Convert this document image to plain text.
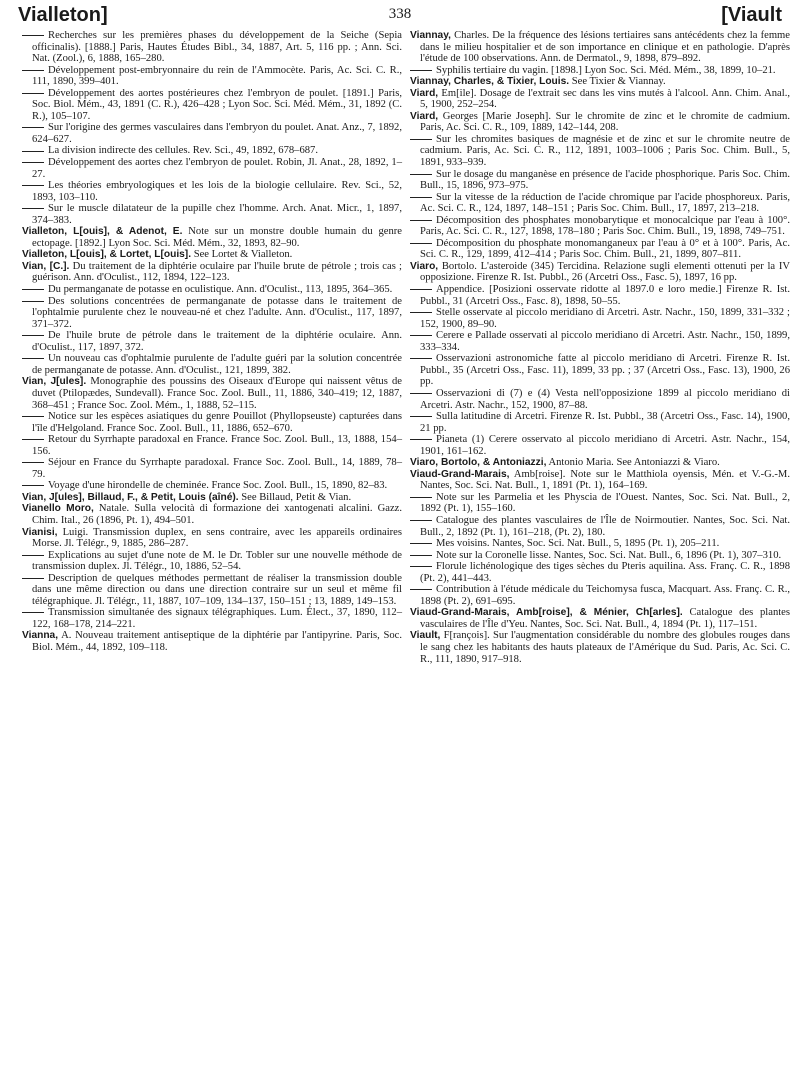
Vialleton]	338	[Viault

Recherches sur les premières phases du développement de la Seiche (Sepia officinalis). [1888.] Paris, Hautes Études Bibl., 34, 1887, Art. 5, 116 pp. ; Ann. Sci. Nat. (Zool.), 6, 1888, 165–280.

Développement post-embryonnaire du rein de l'Ammocète. Paris, Ac. Sci. C. R., 111, 1890, 399–401.

Développement des aortes postérieures chez l'embryon de poulet. [1891.] Paris, Soc. Biol. Mém., 43, 1891 (C. R.), 426–428 ; Lyon Soc. Sci. Méd. Mém., 31, 1892 (C. R.), 105–107.

Sur l'origine des germes vasculaires dans l'embryon du poulet. Anat. Anz., 7, 1892, 624–627.

La division indirecte des cellules. Rev. Sci., 49, 1892, 678–687.

Développement des aortes chez l'embryon de poulet. Robin, Jl. Anat., 28, 1892, 1–27.

Les théories embryologiques et les lois de la biologie cellulaire. Rev. Sci., 52, 1893, 103–110.

Sur le muscle dilatateur de la pupille chez l'homme. Arch. Anat. Micr., 1, 1897, 374–383.

Vialleton, L[ouis], & Adenot, E. Note sur un monstre double humain du genre ectopage. [1892.] Lyon Soc. Sci. Méd. Mém., 32, 1893, 82–90.

Vialleton, L[ouis], & Lortet, L[ouis]. See Lortet & Vialleton.

Vian, [C.]. Du traitement de la diphtérie oculaire par l'huile brute de pétrole ; trois cas ; guérison. Ann. d'Oculist., 112, 1894, 122–123.

Du permanganate de potasse en oculistique. Ann. d'Oculist., 113, 1895, 364–365.

Des solutions concentrées de permanganate de potasse dans le traitement de l'ophtalmie purulente chez le nouveau-né et chez l'adulte. Ann. d'Oculist., 117, 1897, 371–372.

De l'huile brute de pétrole dans le traitement de la diphtérie oculaire. Ann. d'Oculist., 117, 1897, 372.

Un nouveau cas d'ophtalmie purulente de l'adulte guéri par la solution concentrée de permanganate de potasse. Ann. d'Oculist., 121, 1899, 382.

Vian, J[ules]. Monographie des poussins des Oiseaux d'Europe qui naissent vêtus de duvet (Ptilopædes, Sundevall). France Soc. Zool. Bull., 11, 1886, 340–419; 12, 1887, 368–451 ; France Soc. Zool. Mém., 1, 1888, 52–115.

Notice sur les espèces asiatiques du genre Pouillot (Phyllopseuste) capturées dans l'île d'Helgoland. France Soc. Zool. Bull., 11, 1886, 652–670.

Retour du Syrrhapte paradoxal en France. France Soc. Zool. Bull., 13, 1888, 154–156.

Séjour en France du Syrrhapte paradoxal. France Soc. Zool. Bull., 14, 1889, 78–79.

Voyage d'une hirondelle de cheminée. France Soc. Zool. Bull., 15, 1890, 82–83.

Vian, J[ules], Billaud, F., & Petit, Louis (aîné). See Billaud, Petit & Vian.

Vianello Moro, Natale. Sulla velocità di formazione dei xantogenati alcalini. Gazz. Chim. Ital., 26 (1896, Pt. 1), 494–501.

Vianisi, Luigi. Transmission duplex, en sens contraire, avec les appareils ordinaires Morse. Jl. Télégr., 9, 1885, 286–287.

Explications au sujet d'une note de M. le Dr. Tobler sur une nouvelle méthode de transmission duplex. Jl. Télégr., 10, 1886, 52–54.

Description de quelques méthodes permettant de réaliser la transmission double dans une même direction ou dans une direction contraire sur un seul et même fil télégraphique. Jl. Télégr., 11, 1887, 107–109, 134–137, 150–151 ; 13, 1889, 149–153.

Transmission simultanée des signaux télégraphiques. Lum. Élect., 37, 1890, 112–122, 168–178, 214–221.

Vianna, A. Nouveau traitement antiseptique de la diphtérie par l'antipyrine. Paris, Soc. Biol. Mém., 44, 1892, 109–118.

Viannay, Charles. De la fréquence des lésions tertiaires sans antécédents chez la femme dans le milieu hospitalier et de son importance en clinique et en pathologie. D'après l'étude de 100 observations. Ann. de Dermatol., 9, 1898, 879–892.

Syphilis tertiaire du vagin. [1898.] Lyon Soc. Sci. Méd. Mém., 38, 1899, 10–21.

Viannay, Charles, & Tixier, Louis. See Tixier & Viannay.

Viard, Em[ile]. Dosage de l'extrait sec dans les vins mutés à l'alcool. Ann. Chim. Anal., 5, 1900, 252–254.

Viard, Georges [Marie Joseph]. Sur le chromite de zinc et le chromite de cadmium. Paris, Ac. Sci. C. R., 109, 1889, 142–144, 208.

Sur les chromites basiques de magnésie et de zinc et sur le chromite neutre de cadmium. Paris, Ac. Sci. C. R., 112, 1891, 1003–1006 ; Paris Soc. Chim. Bull., 5, 1891, 933–939.

Sur le dosage du manganèse en présence de l'acide phosphorique. Paris Soc. Chim. Bull., 15, 1896, 973–975.

Sur la vitesse de la réduction de l'acide chromique par l'acide phosphoreux. Paris, Ac. Sci. C. R., 124, 1897, 148–151 ; Paris Soc. Chim. Bull., 17, 1897, 213–218.

Décomposition des phosphates monobarytique et monocalcique par l'eau à 100°. Paris, Ac. Sci. C. R., 127, 1898, 178–180 ; Paris Soc. Chim. Bull., 19, 1898, 749–751.

Décomposition du phosphate monomanganeux par l'eau à 0° et à 100°. Paris, Ac. Sci. C. R., 129, 1899, 412–414 ; Paris Soc. Chim. Bull., 21, 1899, 807–811.

Viaro, Bortolo. L'asteroide (345) Tercidina. Relazione sugli elementi ottenuti per la IV opposizione. Firenze R. Ist. Pubbl., 26 (Arcetri Oss., Fasc. 5), 1897, 16 pp.

Appendice. [Posizioni osservate ridotte al 1897.0 e loro medie.] Firenze R. Ist. Pubbl., 31 (Arcetri Oss., Fasc. 8), 1898, 50–55.

Stelle osservate al piccolo meridiano di Arcetri. Astr. Nachr., 150, 1899, 331–332 ; 152, 1900, 89–90.

Cerere e Pallade osservati al piccolo meridiano di Arcetri. Astr. Nachr., 150, 1899, 333–334.

Osservazioni astronomiche fatte al piccolo meridiano di Arcetri. Firenze R. Ist. Pubbl., 35 (Arcetri Oss., Fasc. 11), 1899, 33 pp. ; 37 (Arcetri Oss., Fasc. 13), 1900, 26 pp.

Osservazioni di (7) e (4) Vesta nell'opposizione 1899 al piccolo meridiano di Arcetri. Astr. Nachr., 152, 1900, 87–88.

Sulla latitudine di Arcetri. Firenze R. Ist. Pubbl., 38 (Arcetri Oss., Fasc. 14), 1900, 21 pp.

Pianeta (1) Cerere osservato al piccolo meridiano di Arcetri. Astr. Nachr., 154, 1901, 161–162.

Viaro, Bortolo, & Antoniazzi, Antonio Maria. See Antoniazzi & Viaro.

Viaud-Grand-Marais, Amb[roise]. Note sur le Matthiola oyensis, Mén. et V.-G.-M. Nantes, Soc. Sci. Nat. Bull., 1, 1891 (Pt. 1), 164–169.

Note sur les Parmelia et les Physcia de l'Ouest. Nantes, Soc. Sci. Nat. Bull., 2, 1892 (Pt. 1), 155–160.

Catalogue des plantes vasculaires de l'Île de Noirmoutier. Nantes, Soc. Sci. Nat. Bull., 2, 1892 (Pt. 1), 161–218, (Pt. 2), 180.

Mes voisins. Nantes, Soc. Sci. Nat. Bull., 5, 1895 (Pt. 1), 205–211.

Note sur la Coronelle lisse. Nantes, Soc. Sci. Nat. Bull., 6, 1896 (Pt. 1), 307–310.

Florule lichénologique des tiges sèches du Pteris aquilina. Ass. Franç. C. R., 1898 (Pt. 2), 441–443.

Contribution à l'étude médicale du Teichomysa fusca, Macquart. Ass. Franç. C. R., 1898 (Pt. 2), 691–695.

Viaud-Grand-Marais, Amb[roise], & Ménier, Ch[arles]. Catalogue des plantes vasculaires de l'Île d'Yeu. Nantes, Soc. Sci. Nat. Bull., 4, 1894 (Pt. 1), 117–151.

Viault, F[rançois]. Sur l'augmentation considérable du nombre des globules rouges dans le sang chez les habitants des hauts plateaux de l'Amérique du Sud. Paris, Ac. Sci. C. R., 111, 1890, 917–918.
